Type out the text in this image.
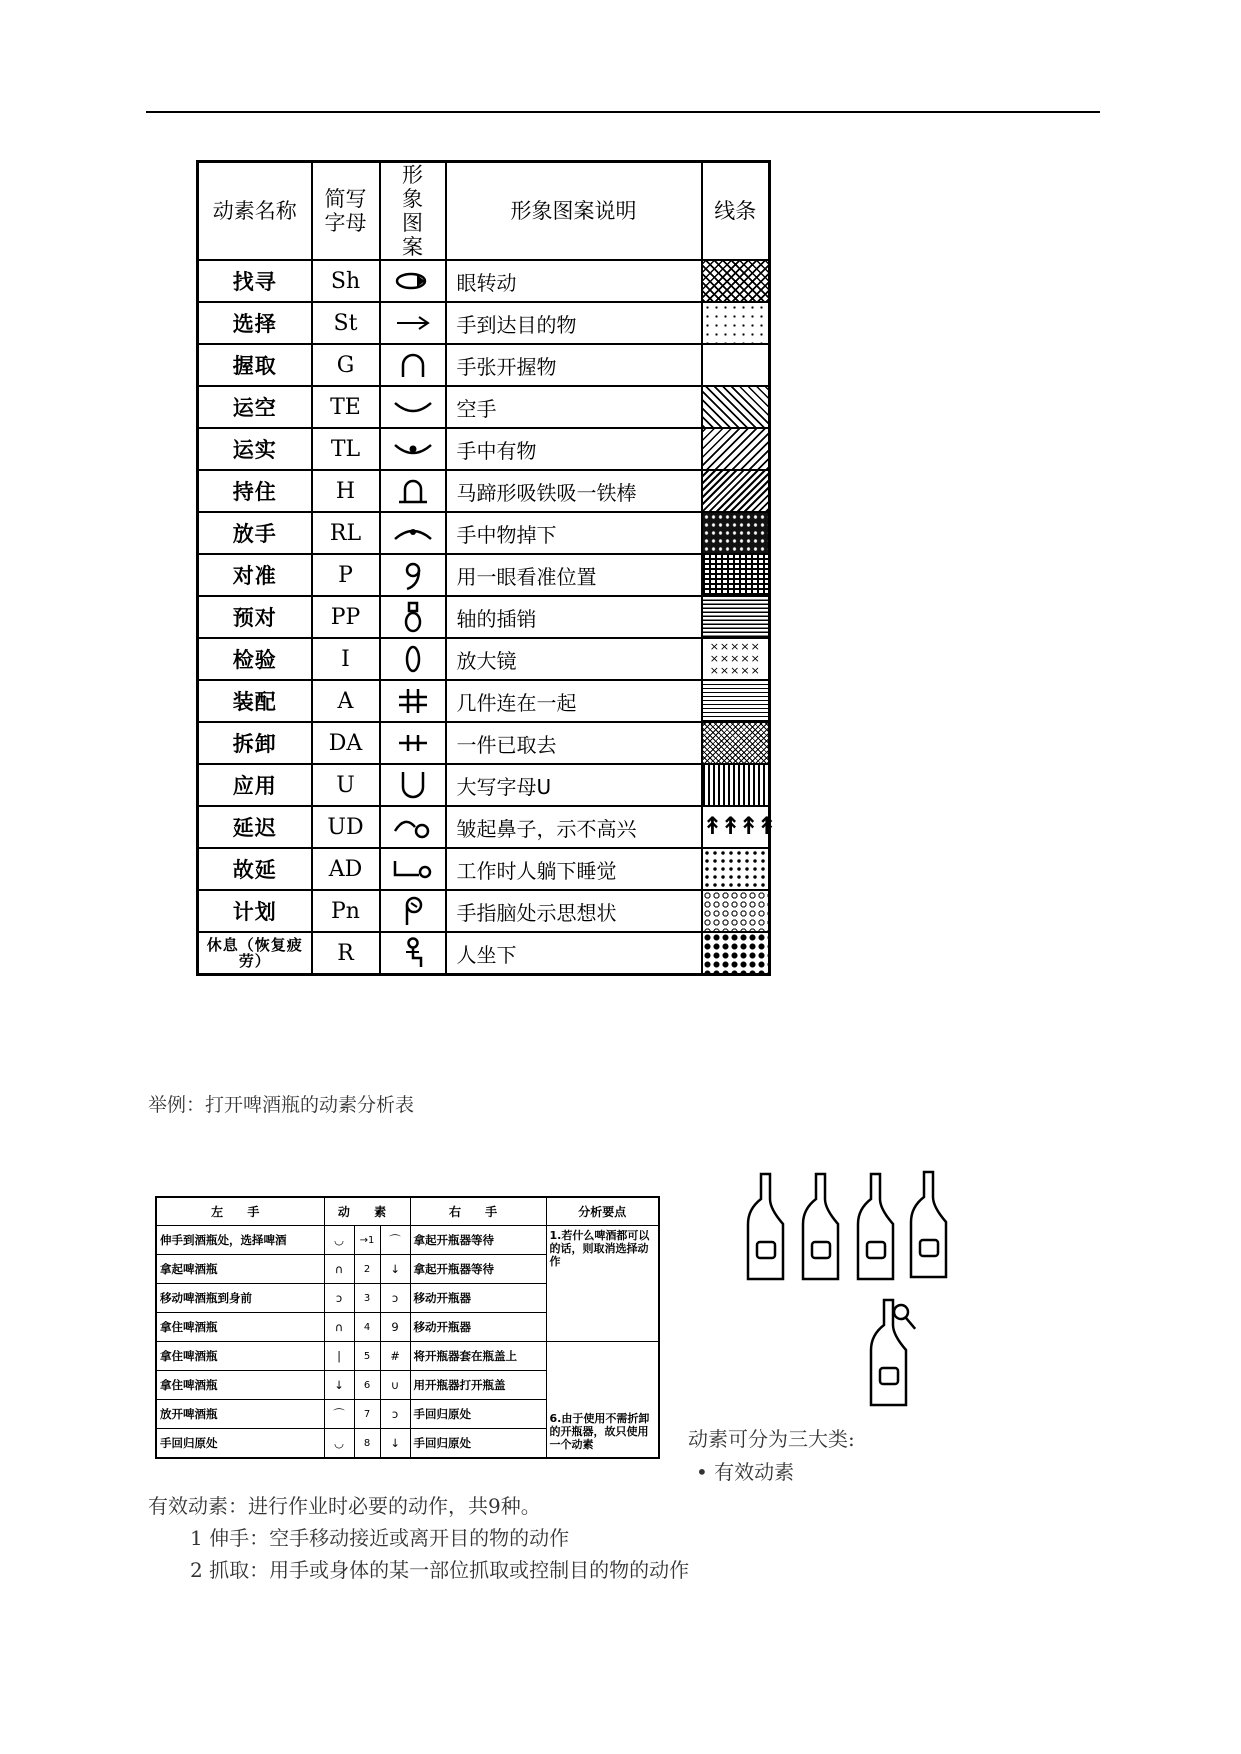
动素名称	简写字母	形象图案	形象图案说明	线条
找寻	Sh		眼转动	

选择	St		手到达目的物	

握取	G		手张开握物	

运空	TE		空手	

运实	TL		手中有物	

持住	H		马蹄形吸铁吸一铁棒	

放手	RL		手中物掉下	

对准	P		用一眼看准位置	

预对	PP		轴的插销	

检验	I		放大镜	××××× ××××× ×××××

装配	A		几件连在一起	

拆卸	DA		一件已取去	

应用	U		大写字母U	

延迟	UD		皱起鼻子，示不高兴	↟↟↟↟

故延	AD		工作时人躺下睡觉	

计划	Pn		手指脑处示思想状	

休息（恢复疲劳）	R		人坐下	
举例：打开啤酒瓶的动素分析表
左 手	动 素			右 手	分析要点
伸手到酒瓶处，选择啤酒	◡	→1	⌒	拿起开瓶器等待	1.若什么啤酒都可以的话，则取消选择动作
拿起啤酒瓶	∩	2	↓	拿起开瓶器等待	
移动啤酒瓶到身前	ↄ	3	ↄ	移动开瓶器	
拿住啤酒瓶	∩	4	9	移动开瓶器	
拿住啤酒瓶	|	5	#	将开瓶器套在瓶盖上	6.由于使用不需折卸的开瓶器，故只使用一个动素
拿住啤酒瓶	↓	6	∪	用开瓶器打开瓶盖	
放开啤酒瓶	⌒	7	ↄ	手回归原处	
手回归原处	◡	8	↓	手回归原处		动素可分为三大类:
• 有效动素
有效动素：进行作业时必要的动作，共9种。
1 伸手：空手移动接近或离开目的物的动作
2 抓取：用手或身体的某一部位抓取或控制目的物的动作
